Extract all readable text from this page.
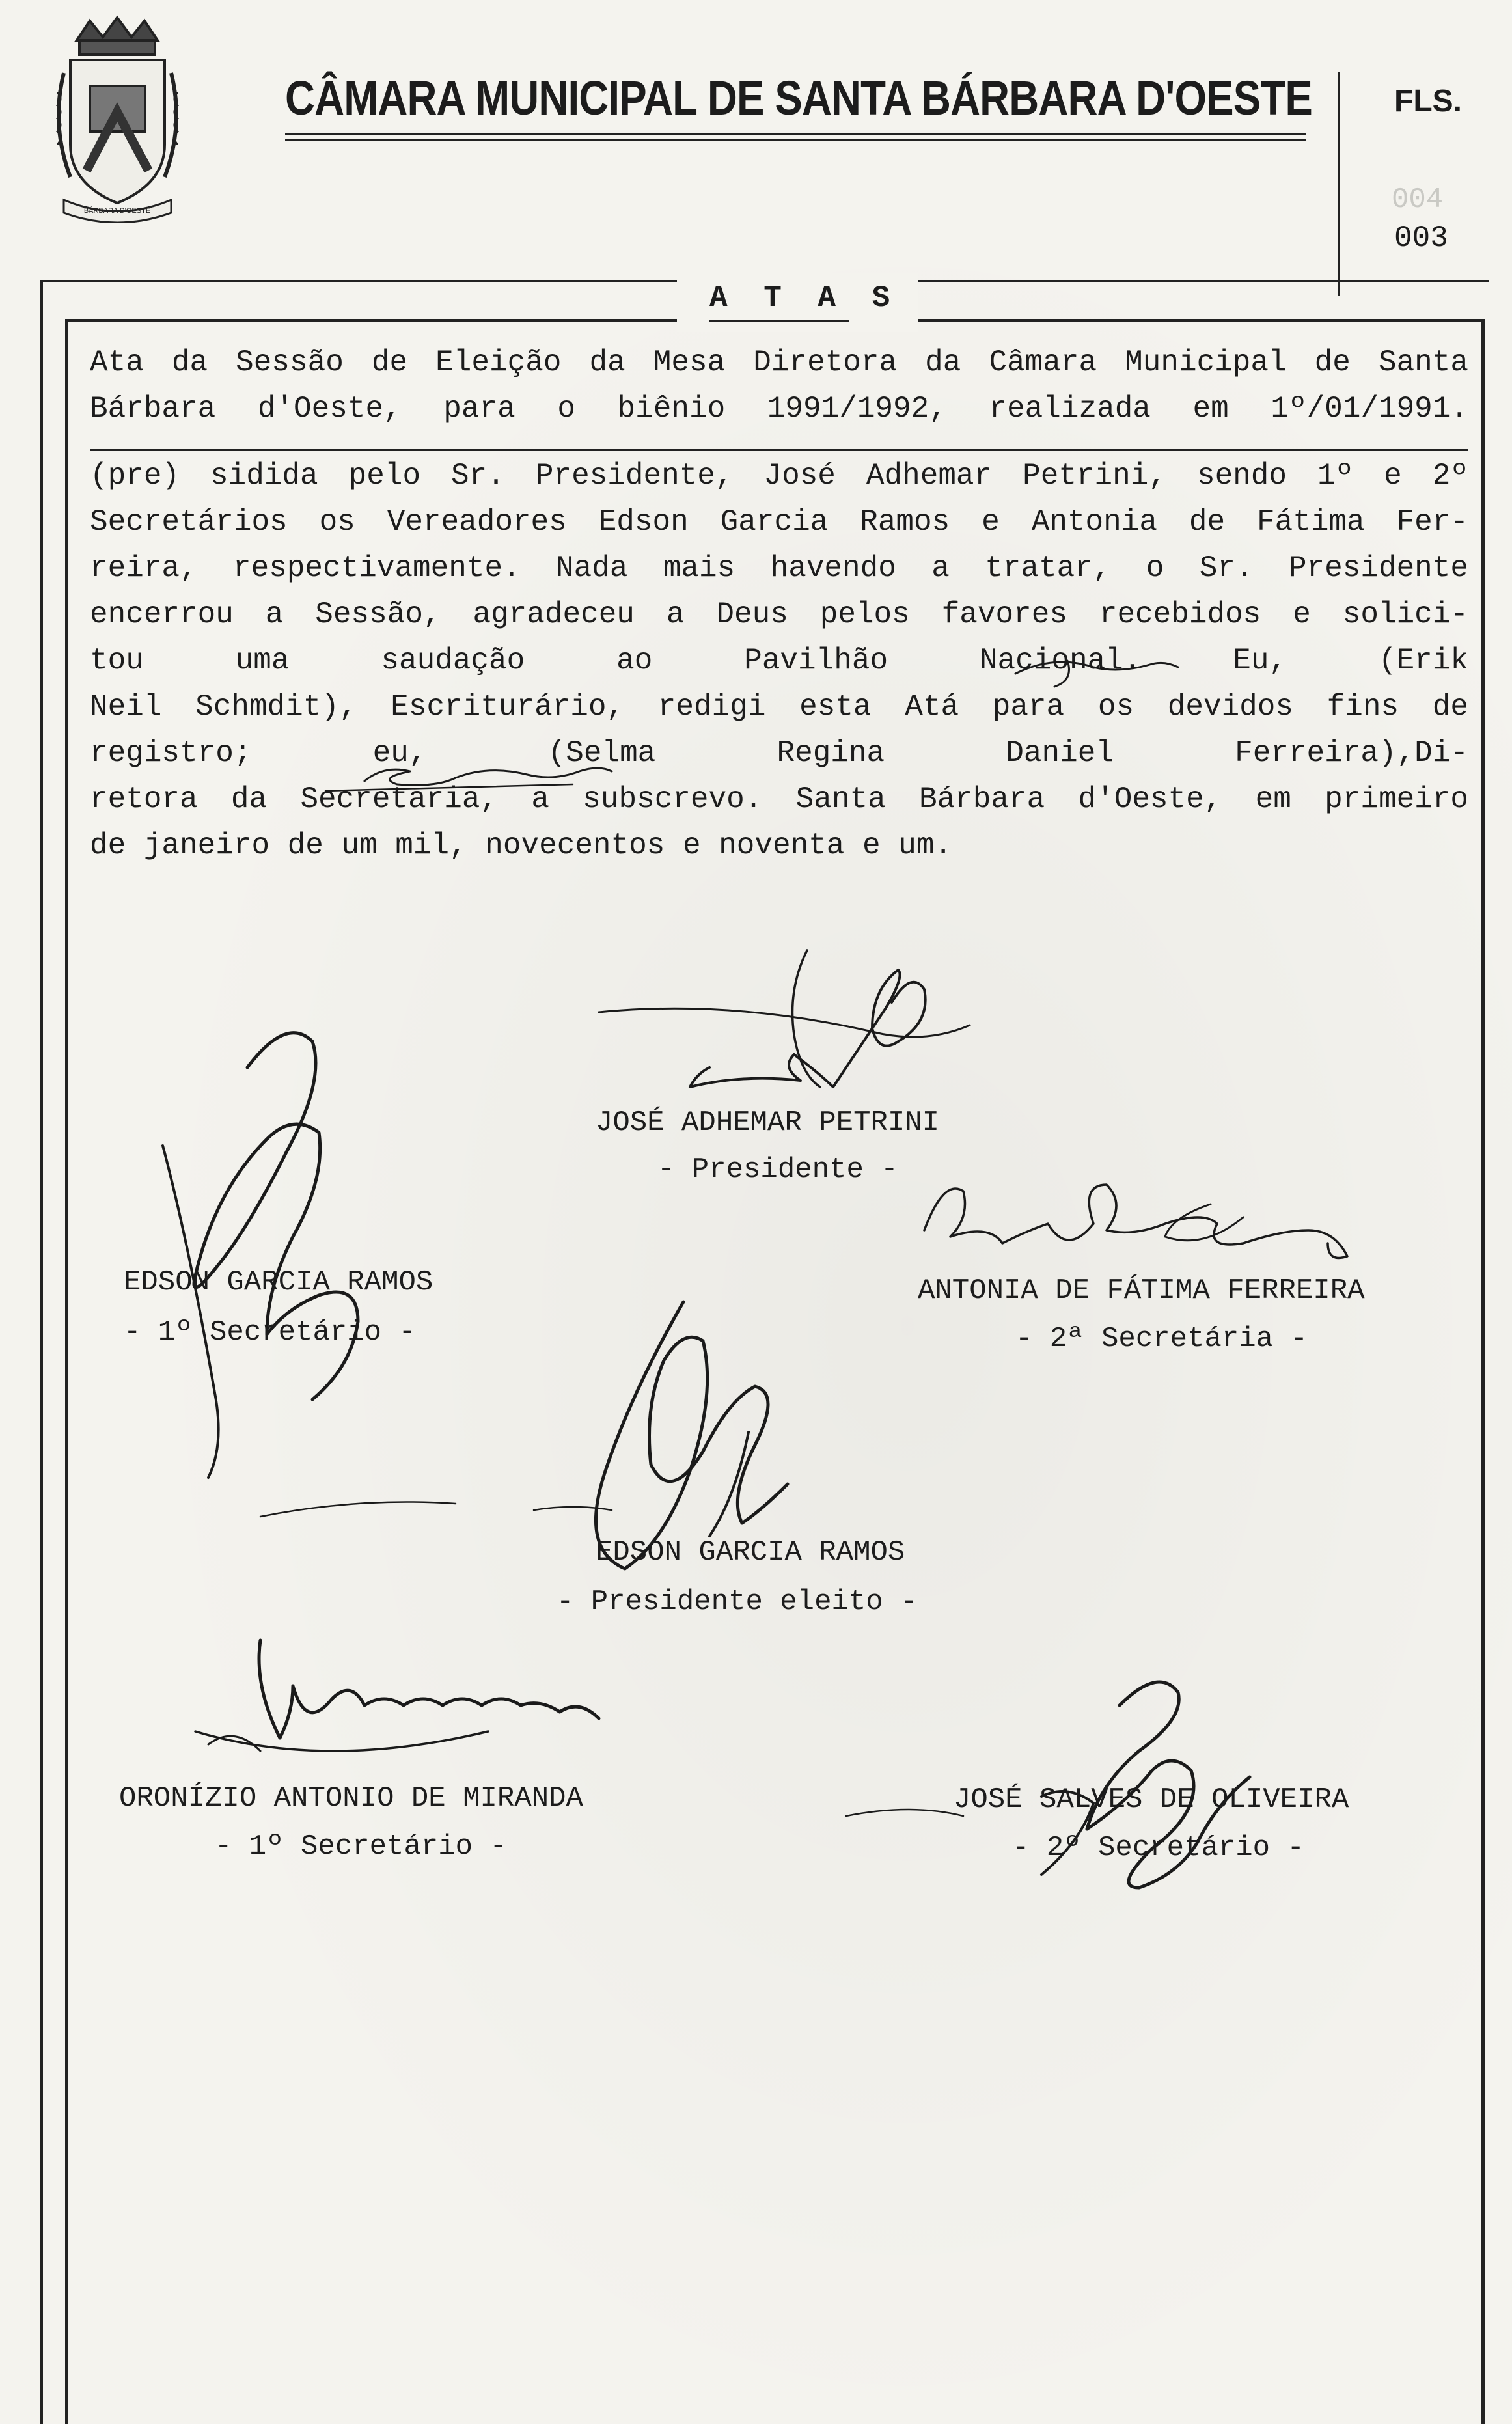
BÁRBARA D'OESTE
CÂMARA MUNICIPAL DE SANTA BÁRBARA D'OESTE	FLS.
004
003
A T A S
Ata da Sessão de Eleição da Mesa Diretora da Câmara Municipal de Santa
Bárbara d'Oeste, para o biênio 1991/1992, realizada em 1º/01/1991.
(pre) sidida pelo Sr. Presidente, José Adhemar Petrini, sendo 1º e 2º
Secretários os Vereadores Edson Garcia Ramos e Antonia de Fátima Fer-
reira, respectivamente. Nada mais havendo a tratar, o Sr. Presidente
encerrou a Sessão, agradeceu a Deus pelos favores recebidos e solici-
tou uma saudação ao Pavilhão Nacional. Eu, (Erik
Neil Schmdit), Escriturário, redigi esta Atá para os devidos fins de
registro; eu, (Selma Regina Daniel Ferreira),Di-
retora da Secretaria, a subscrevo. Santa Bárbara d'Oeste, em primeiro
de janeiro de um mil, novecentos e noventa e um.
JOSÉ ADHEMAR PETRINI
- Presidente -
EDSON GARCIA RAMOS
- 1º Secretário -
ANTONIA DE FÁTIMA FERREIRA
- 2ª Secretária -
EDSON GARCIA RAMOS
- Presidente eleito -
ORONÍZIO ANTONIO DE MIRANDA
- 1º Secretário -
JOSÉ SALVES DE OLIVEIRA
- 2º Secretário -
